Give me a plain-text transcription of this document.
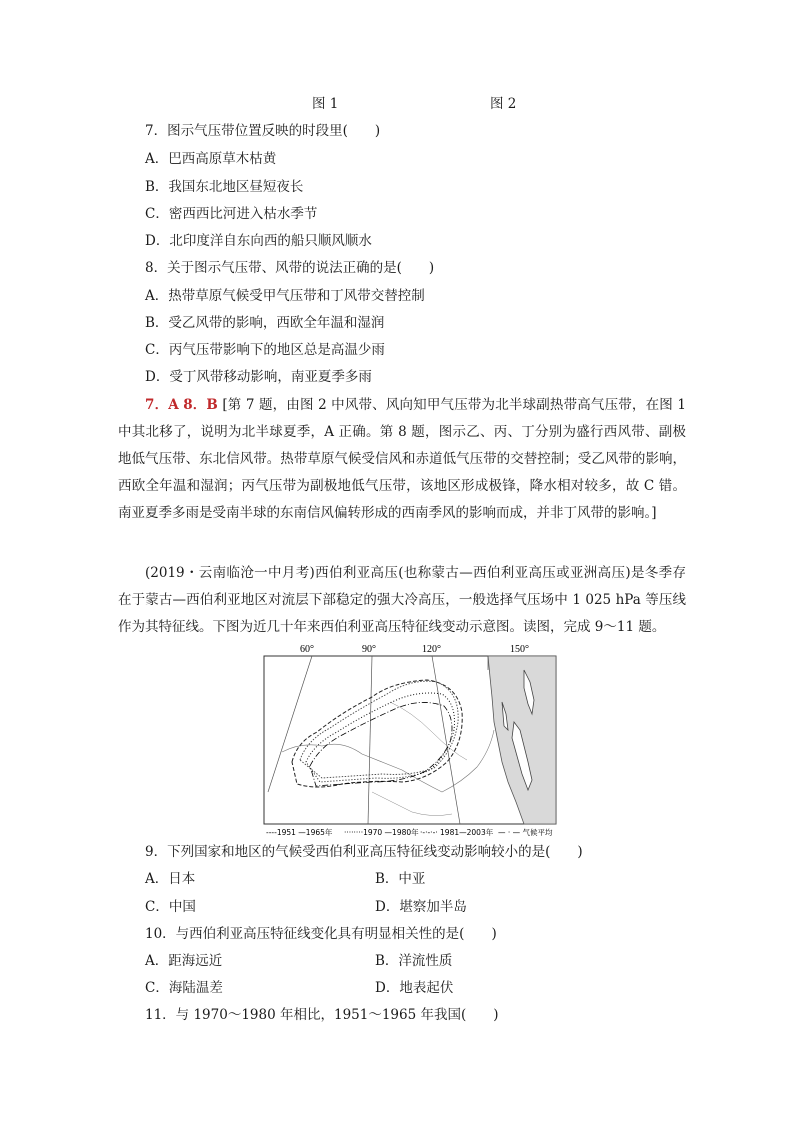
图 1	图 2
7．图示气压带位置反映的时段里(　　)
A．巴西高原草木枯黄
B．我国东北地区昼短夜长
C．密西西比河进入枯水季节
D．北印度洋自东向西的船只顺风顺水
8．关于图示气压带、风带的说法正确的是(　　)
A．热带草原气候受甲气压带和丁风带交替控制
B．受乙风带的影响，西欧全年温和湿润
C．丙气压带影响下的地区总是高温少雨
D．受丁风带移动影响，南亚夏季多雨
7．A 8．B [第 7 题，由图 2 中风带、风向知甲气压带为北半球副热带高气压带，在图 1 中其北移了，说明为北半球夏季，A 正确。第 8 题，图示乙、丙、丁分别为盛行西风带、副极地低气压带、东北信风带。热带草原气候受信风和赤道低气压带的交替控制；受乙风带的影响，西欧全年温和湿润；丙气压带为副极地低气压带，该地区形成极锋，降水相对较多，故 C 错。南亚夏季多雨是受南半球的东南信风偏转形成的西南季风的影响而成，并非丁风带的影响。]
(2019・云南临沧一中月考)西伯利亚高压(也称蒙古—西伯利亚高压或亚洲高压)是冬季存在于蒙古—西伯利亚地区对流层下部稳定的强大冷高压，一般选择气压场中 1 025 hPa 等压线作为其特征线。下图为近几十年来西伯利亚高压特征线变动示意图。读图，完成 9～11 题。
60°	90°	120°	150°
----1951 —1965年 ········1970 —1980年 ·-·-·-· 1981—2003年 — · — 气候平均
9．下列国家和地区的气候受西伯利亚高压特征线变动影响较小的是(　　)
A．日本	B．中亚
C．中国	D．堪察加半岛
10．与西伯利亚高压特征线变化具有明显相关性的是(　　)
A．距海远近	B．洋流性质
C．海陆温差	D．地表起伏
11．与 1970～1980 年相比，1951～1965 年我国(　　)
